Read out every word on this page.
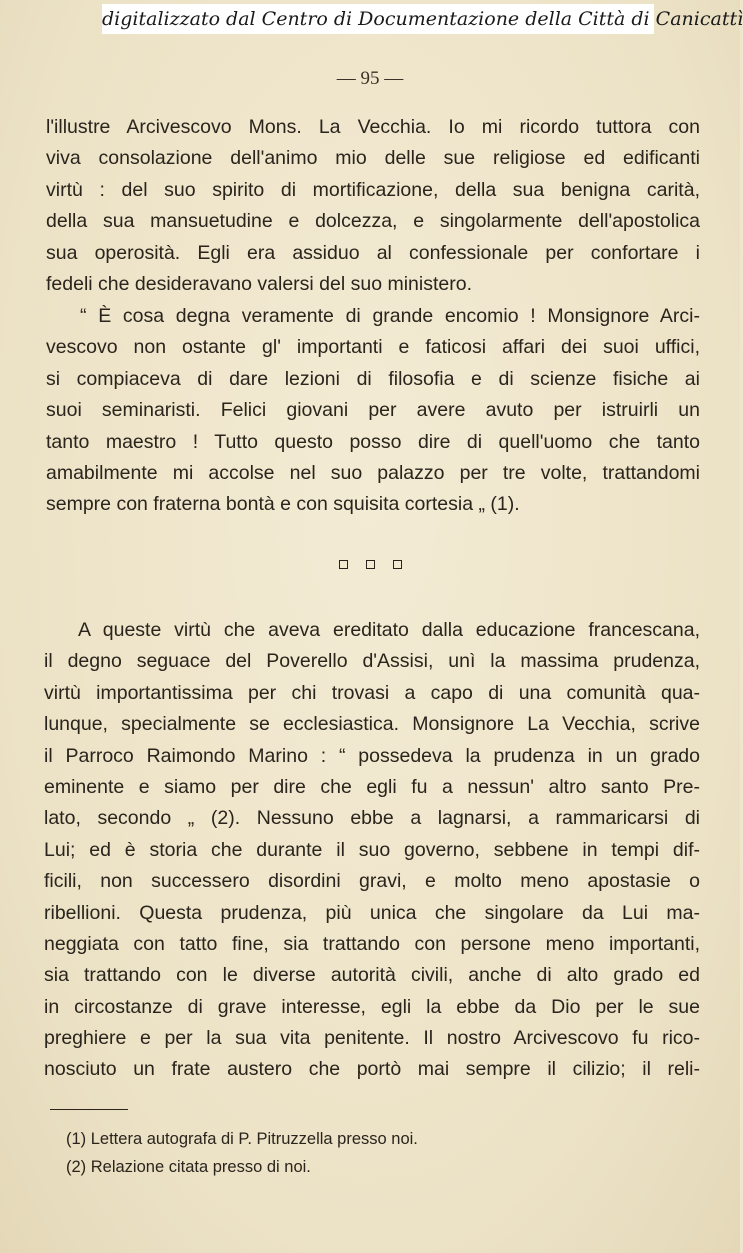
digitalizzato dal Centro di Documentazione della Città di Canicattì
— 95 —
l'illustre Arcivescovo Mons. La Vecchia. Io mi ricordo tuttora con
viva consolazione dell'animo mio delle sue religiose ed edificanti
virtù : del suo spirito di mortificazione, della sua benigna carità,
della sua mansuetudine e dolcezza, e singolarmente dell'apostolica
sua operosità. Egli era assiduo al confessionale per confortare i
fedeli che desideravano valersi del suo ministero.
“ È cosa degna veramente di grande encomio ! Monsignore Arci-
vescovo non ostante gl' importanti e faticosi affari dei suoi uffici,
si compiaceva di dare lezioni di filosofia e di scienze fisiche ai
suoi seminaristi. Felici giovani per avere avuto per istruirli un
tanto maestro ! Tutto questo posso dire di quell'uomo che tanto
amabilmente mi accolse nel suo palazzo per tre volte, trattandomi
sempre con fraterna bontà e con squisita cortesia „ (1).
A queste virtù che aveva ereditato dalla educazione francescana,
il degno seguace del Poverello d'Assisi, unì la massima prudenza,
virtù importantissima per chi trovasi a capo di una comunità qua-
lunque, specialmente se ecclesiastica. Monsignore La Vecchia, scrive
il Parroco Raimondo Marino : “ possedeva la prudenza in un grado
eminente e siamo per dire che egli fu a nessun' altro santo Pre-
lato, secondo „ (2). Nessuno ebbe a lagnarsi, a rammaricarsi di
Lui; ed è storia che durante il suo governo, sebbene in tempi dif-
ficili, non successero disordini gravi, e molto meno apostasie o
ribellioni. Questa prudenza, più unica che singolare da Lui ma-
neggiata con tatto fine, sia trattando con persone meno importanti,
sia trattando con le diverse autorità civili, anche di alto grado ed
in circostanze di grave interesse, egli la ebbe da Dio per le sue
preghiere e per la sua vita penitente. Il nostro Arcivescovo fu rico-
nosciuto un frate austero che portò mai sempre il cilizio; il reli-
(1) Lettera autografa di P. Pitruzzella presso noi.
(2) Relazione citata presso di noi.
